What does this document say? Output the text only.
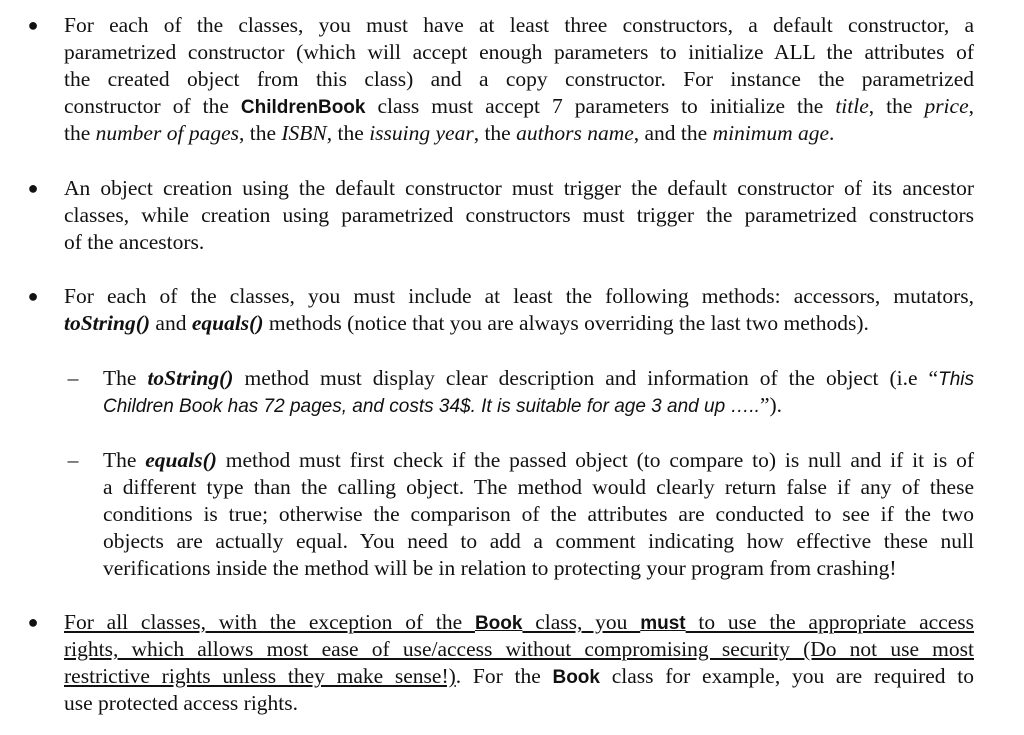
● For each of the classes, you must have at least three constructors, a default constructor, a
parametrized constructor (which will accept enough parameters to initialize ALL the attributes of
the created object from this class) and a copy constructor. For instance the parametrized
constructor of the ChildrenBook class must accept 7 parameters to initialize the title, the price,
the number of pages, the ISBN, the issuing year, the authors name, and the minimum age.
● An object creation using the default constructor must trigger the default constructor of its ancestor
classes, while creation using parametrized constructors must trigger the parametrized constructors
of the ancestors.
● For each of the classes, you must include at least the following methods: accessors, mutators,
toString() and equals() methods (notice that you are always overriding the last two methods).
– The toString() method must display clear description and information of the object (i.e “This
Children Book has 72 pages, and costs 34$. It is suitable for age 3 and up …..”).
– The equals() method must first check if the passed object (to compare to) is null and if it is of
a different type than the calling object. The method would clearly return false if any of these
conditions is true; otherwise the comparison of the attributes are conducted to see if the two
objects are actually equal. You need to add a comment indicating how effective these null
verifications inside the method will be in relation to protecting your program from crashing!
● For all classes, with the exception of the Book class, you must to use the appropriate access
rights, which allows most ease of use/access without compromising security (Do not use most
restrictive rights unless they make sense!). For the Book class for example, you are required to
use protected access rights.
